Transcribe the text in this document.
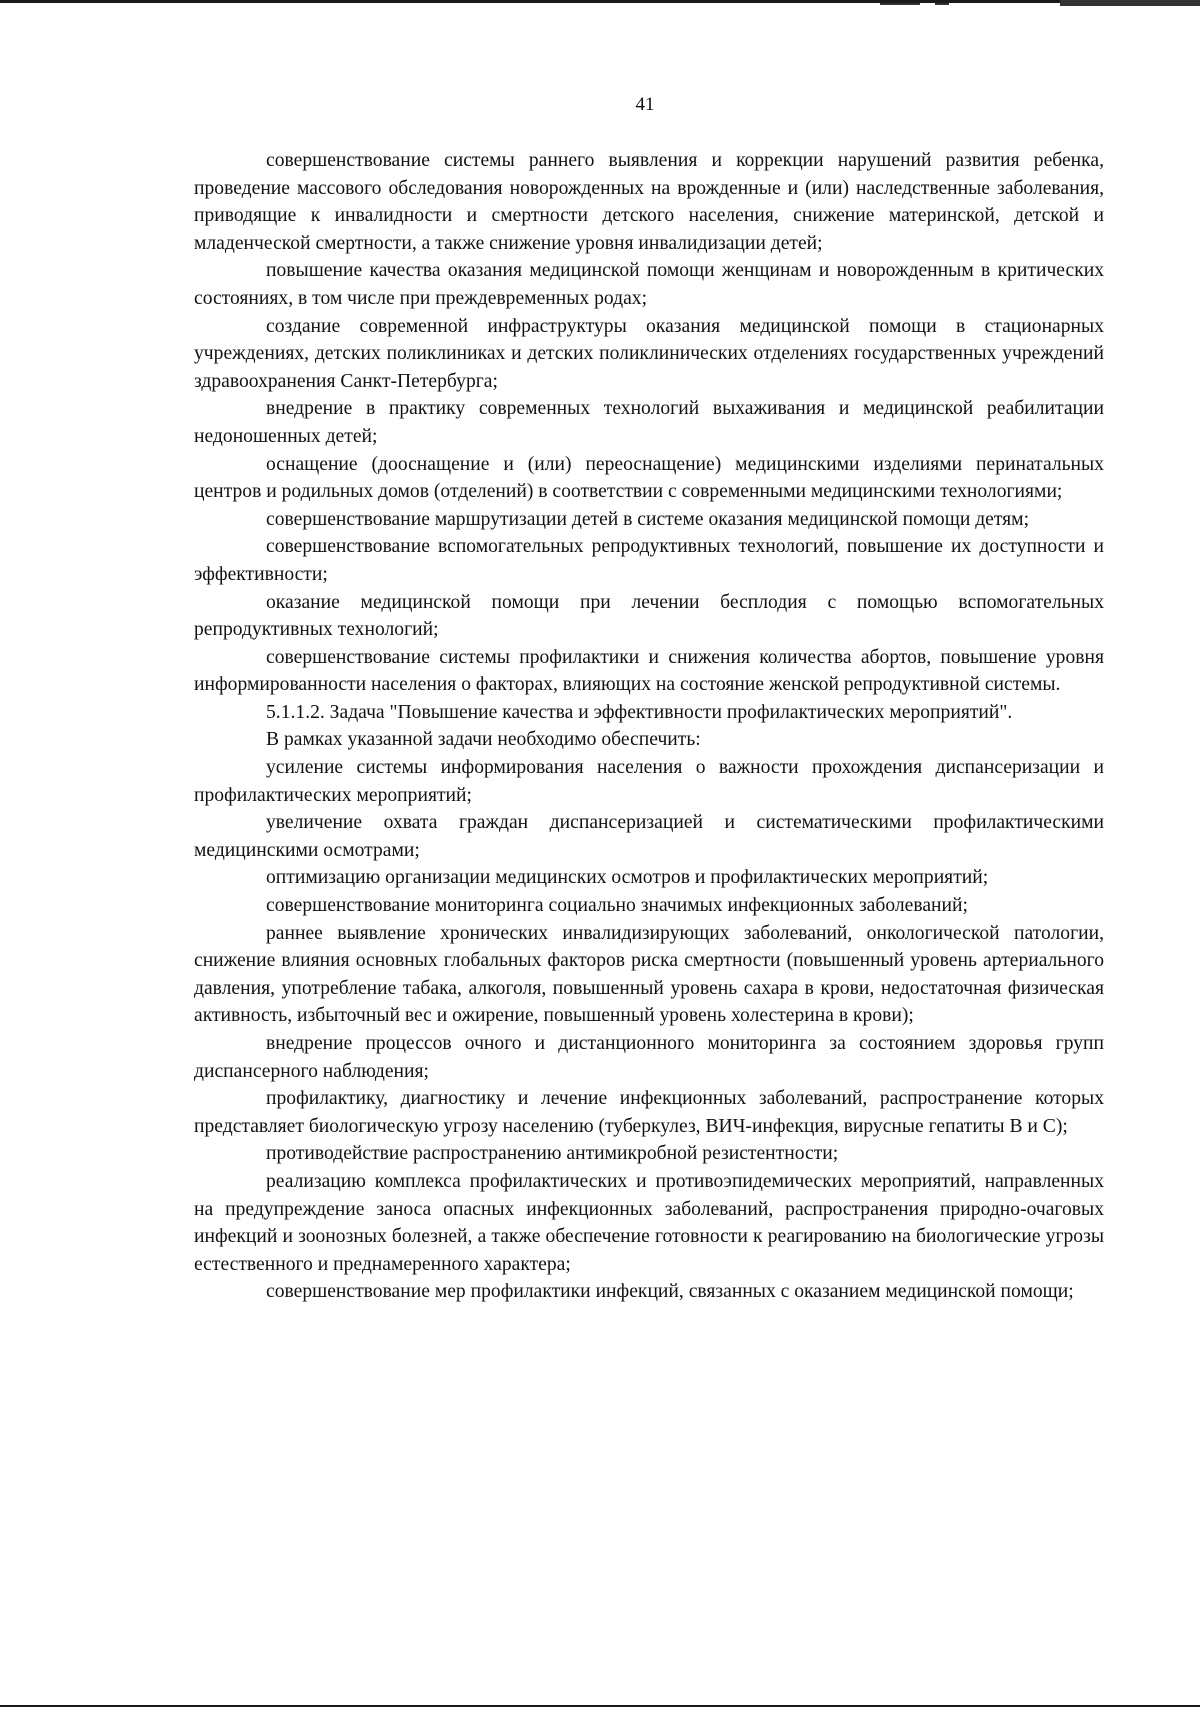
41

совершенствование системы раннего выявления и коррекции нарушений развития ребенка, проведение массового обследования новорожденных на врожденные и (или) наследственные заболевания, приводящие к инвалидности и смертности детского населения, снижение материнской, детской и младенческой смертности, а также снижение уровня инвалидизации детей;

повышение качества оказания медицинской помощи женщинам и новорожденным в критических состояниях, в том числе при преждевременных родах;

создание современной инфраструктуры оказания медицинской помощи в стационарных учреждениях, детских поликлиниках и детских поликлинических отделениях государственных учреждений здравоохранения Санкт-Петербурга;

внедрение в практику современных технологий выхаживания и медицинской реабилитации недоношенных детей;

оснащение (дооснащение и (или) переоснащение) медицинскими изделиями перинатальных центров и родильных домов (отделений) в соответствии с современными медицинскими технологиями;

совершенствование маршрутизации детей в системе оказания медицинской помощи детям;

совершенствование вспомогательных репродуктивных технологий, повышение их доступности и эффективности;

оказание медицинской помощи при лечении бесплодия с помощью вспомогательных репродуктивных технологий;

совершенствование системы профилактики и снижения количества абортов, повышение уровня информированности населения о факторах, влияющих на состояние женской репродуктивной системы.

5.1.1.2. Задача "Повышение качества и эффективности профилактических мероприятий".

В рамках указанной задачи необходимо обеспечить:

усиление системы информирования населения о важности прохождения диспансеризации и профилактических мероприятий;

увеличение охвата граждан диспансеризацией и систематическими профилактическими медицинскими осмотрами;

оптимизацию организации медицинских осмотров и профилактических мероприятий;

совершенствование мониторинга социально значимых инфекционных заболеваний;

раннее выявление хронических инвалидизирующих заболеваний, онкологической патологии, снижение влияния основных глобальных факторов риска смертности (повышенный уровень артериального давления, употребление табака, алкоголя, повышенный уровень сахара в крови, недостаточная физическая активность, избыточный вес и ожирение, повышенный уровень холестерина в крови);

внедрение процессов очного и дистанционного мониторинга за состоянием здоровья групп диспансерного наблюдения;

профилактику, диагностику и лечение инфекционных заболеваний, распространение которых представляет биологическую угрозу населению (туберкулез, ВИЧ-инфекция, вирусные гепатиты В и С);

противодействие распространению антимикробной резистентности;

реализацию комплекса профилактических и противоэпидемических мероприятий, направленных на предупреждение заноса опасных инфекционных заболеваний, распространения природно-очаговых инфекций и зоонозных болезней, а также обеспечение готовности к реагированию на биологические угрозы естественного и преднамеренного характера;

совершенствование мер профилактики инфекций, связанных с оказанием медицинской помощи;
